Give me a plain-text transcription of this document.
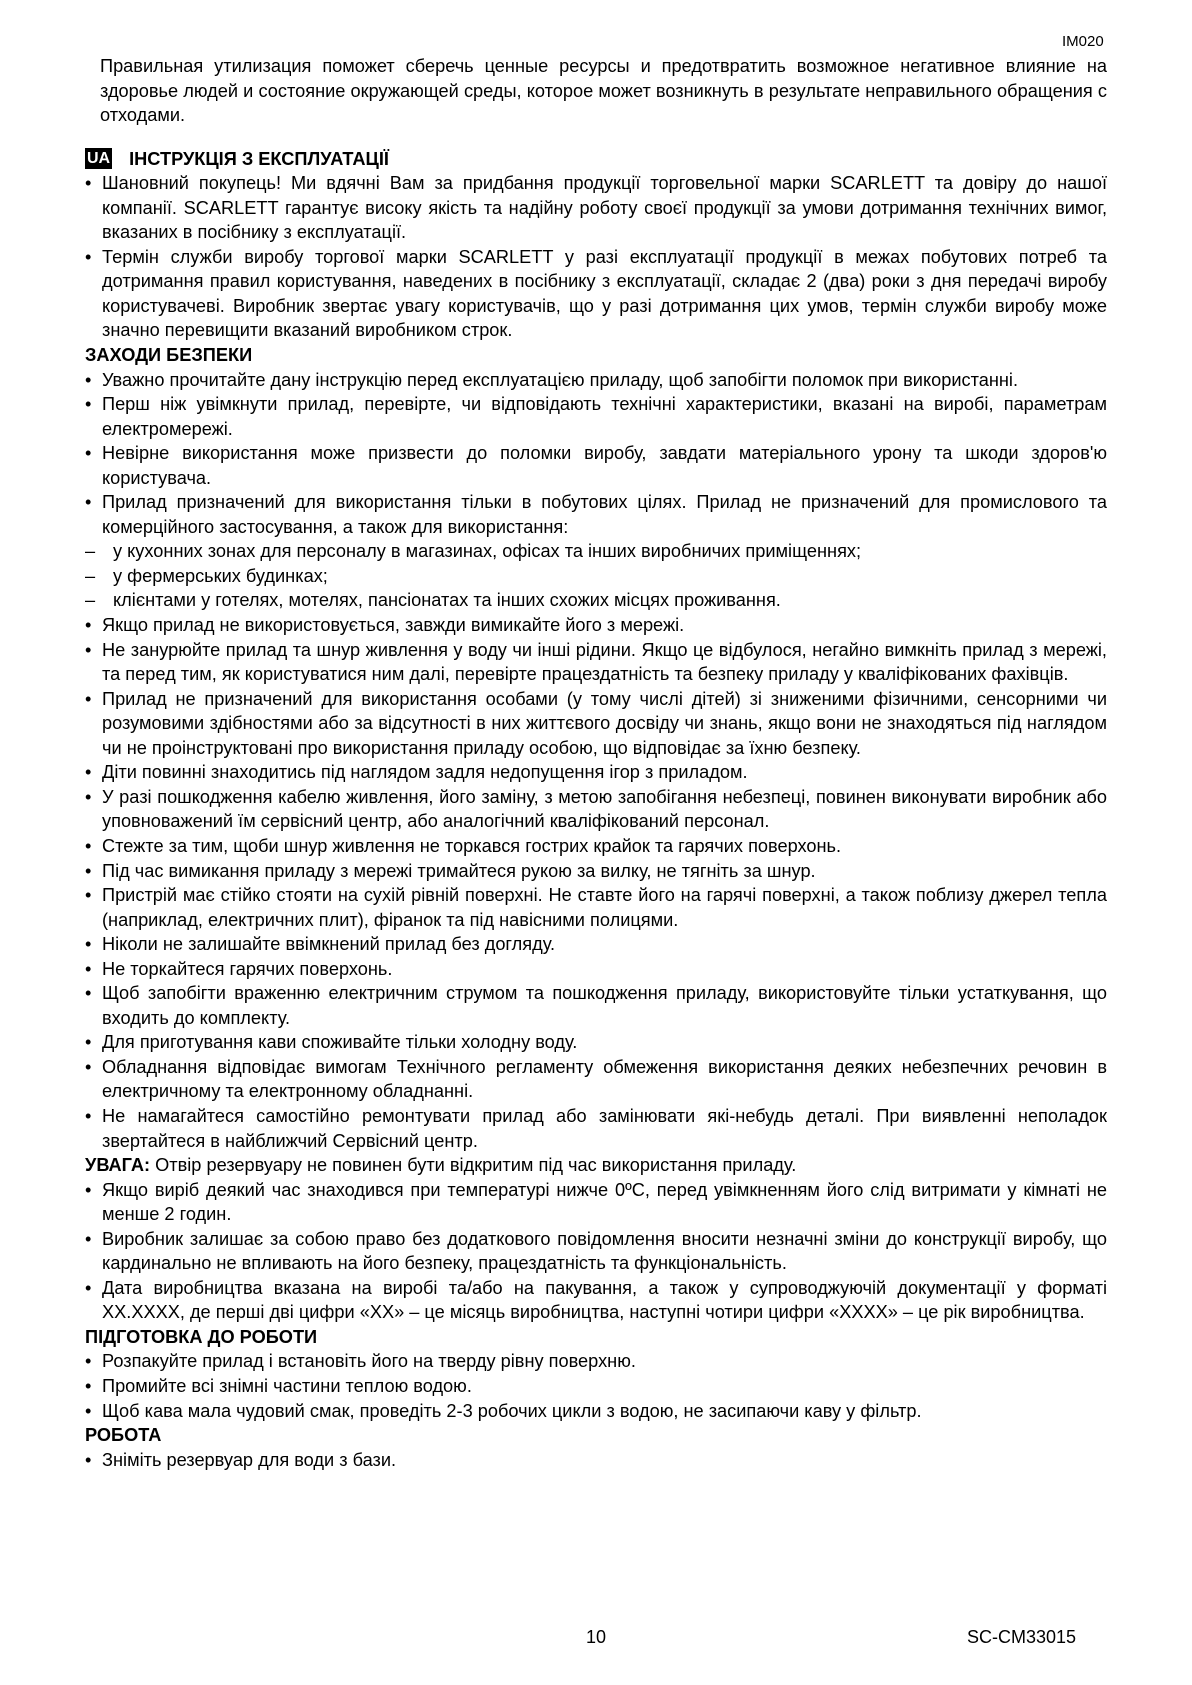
IM020

Правильная утилизация поможет сберечь ценные ресурсы и предотвратить возможное негативное влияние на здоровье людей и состояние окружающей среды, которое может возникнуть в результате неправильного обращения с отходами.

UA ІНСТРУКЦІЯ З ЕКСПЛУАТАЦІЇ
• Шановний покупець! Ми вдячні Вам за придбання продукції торговельної марки SCARLETT та довіру до нашої компанії. SCARLETT гарантує високу якість та надійну роботу своєї продукції за умови дотримання технічних вимог, вказаних в посібнику з експлуатації.
• Термін служби виробу торгової марки SCARLETT у разі експлуатації продукції в межах побутових потреб та дотримання правил користування, наведених в посібнику з експлуатації, складає 2 (два) роки з дня передачі виробу користувачеві. Виробник звертає увагу користувачів, що у разі дотримання цих умов, термін служби виробу може значно перевищити вказаний виробником строк.
ЗАХОДИ БЕЗПЕКИ
• Уважно прочитайте дану інструкцію перед експлуатацією приладу, щоб запобігти поломок при використанні.
• Перш ніж увімкнути прилад, перевірте, чи відповідають технічні характеристики, вказані на виробі, параметрам електромережі.
• Невірне використання може призвести до поломки виробу, завдати матеріального урону та шкоди здоров'ю користувача.
• Прилад призначений для використання тільки в побутових цілях. Прилад не призначений для промислового та комерційного застосування, а також для використання:
– у кухонних зонах для персоналу в магазинах, офісах та інших виробничих приміщеннях;
– у фермерських будинках;
– клієнтами у готелях, мотелях, пансіонатах та інших схожих місцях проживання.
• Якщо прилад не використовується, завжди вимикайте його з мережі.
• Не занурюйте прилад та шнур живлення у воду чи інші рідини. Якщо це відбулося, негайно вимкніть прилад з мережі, та перед тим, як користуватися ним далі, перевірте працездатність та безпеку приладу у кваліфікованих фахівців.
• Прилад не призначений для використання особами (у тому числі дітей) зі зниженими фізичними, сенсорними чи розумовими здібностями або за відсутності в них життєвого досвіду чи знань, якщо вони не знаходяться під наглядом чи не проінструктовані про використання приладу особою, що відповідає за їхню безпеку.
• Діти повинні знаходитись під наглядом задля недопущення ігор з приладом.
• У разі пошкодження кабелю живлення, його заміну, з метою запобігання небезпеці, повинен виконувати виробник або уповноважений їм сервісний центр, або аналогічний кваліфікований персонал.
• Стежте за тим, щоби шнур живлення не торкався гострих крайок та гарячих поверхонь.
• Під час вимикання приладу з мережі тримайтеся рукою за вилку, не тягніть за шнур.
• Пристрій має стійко стояти на сухій рівній поверхні. Не ставте його на гарячі поверхні, а також поблизу джерел тепла (наприклад, електричних плит), фіранок та під навісними полицями.
• Ніколи не залишайте ввімкнений прилад без догляду.
• Не торкайтеся гарячих поверхонь.
• Щоб запобігти враженню електричним струмом та пошкодження приладу, використовуйте тільки устаткування, що входить до комплекту.
• Для приготування кави споживайте тільки холодну воду.
• Обладнання відповідає вимогам Технічного регламенту обмеження використання деяких небезпечних речовин в електричному та електронному обладнанні.
• Не намагайтеся самостійно ремонтувати прилад або замінювати які-небудь деталі. При виявленні неполадок звертайтеся в найближчий Сервісний центр.

УВАГА: Отвір резервуару не повинен бути відкритим під час використання приладу.

• Якщо виріб деякий час знаходився при температурі нижче 0ºC, перед увімкненням його слід витримати у кімнаті не менше 2 годин.
• Виробник залишає за собою право без додаткового повідомлення вносити незначні зміни до конструкції виробу, що кардинально не впливають на його безпеку, працездатність та функціональність.
• Дата виробництва вказана на виробі та/або на пакування, а також у супроводжуючій документації у форматі XX.XXXX, де перші дві цифри «XX» – це місяць виробництва, наступні чотири цифри «XXXX» – це рік виробництва.
ПІДГОТОВКА ДО РОБОТИ
• Розпакуйте прилад і встановіть його на тверду рівну поверхню.
• Промийте всі знімні частини теплою водою.
• Щоб кава мала чудовий смак, проведіть 2-3 робочих цикли з водою, не засипаючи каву у фільтр.
РОБОТА
• Зніміть резервуар для води з бази.
10	SC-CM33015
